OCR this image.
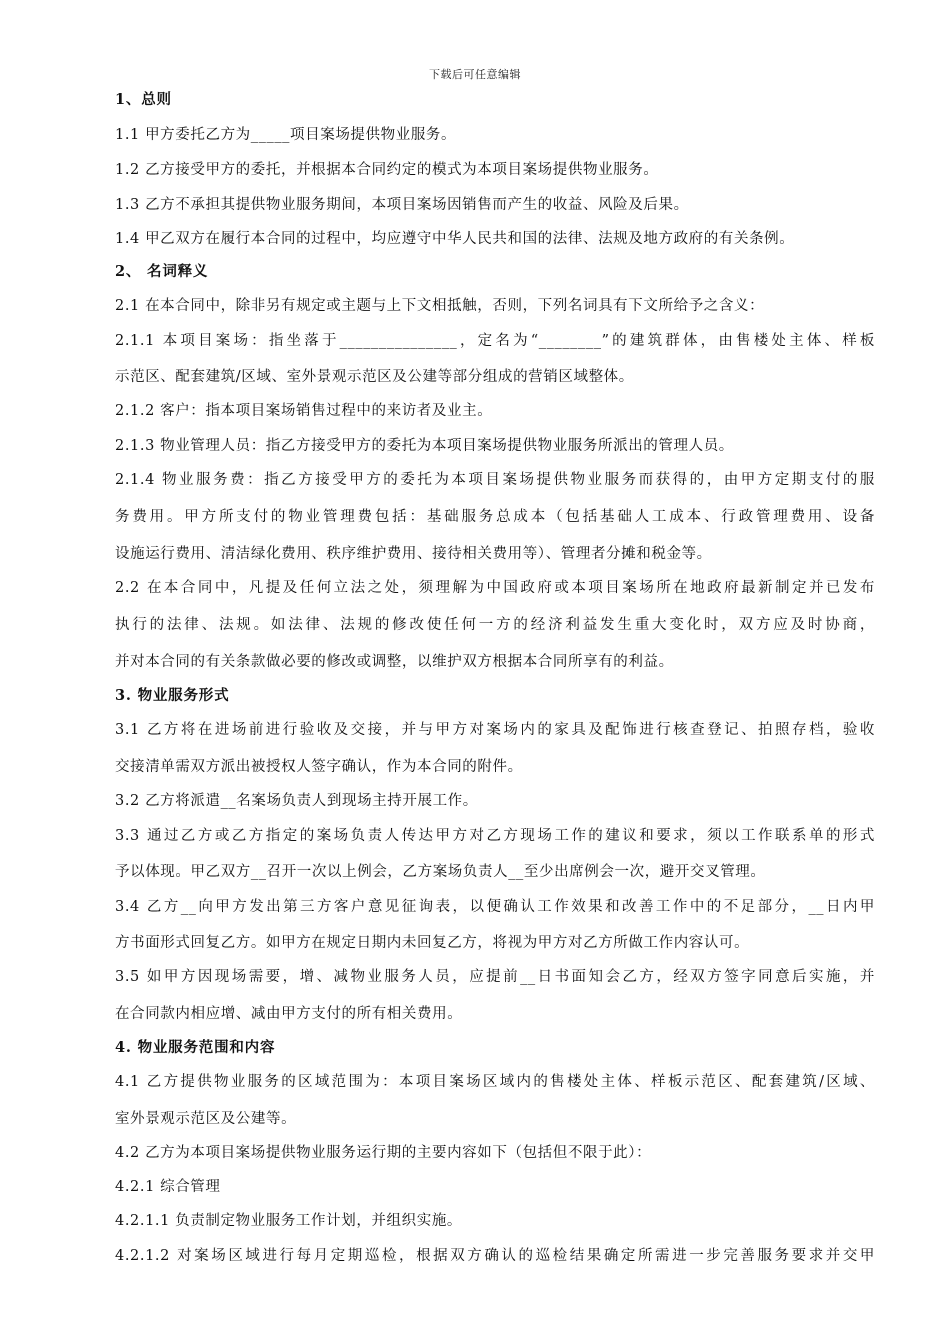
下载后可任意编辑
1、总则
1.1 甲方委托乙方为_____项目案场提供物业服务。
1.2 乙方接受甲方的委托，并根据本合同约定的模式为本项目案场提供物业服务。
1.3 乙方不承担其提供物业服务期间，本项目案场因销售而产生的收益、风险及后果。
1.4 甲乙双方在履行本合同的过程中，均应遵守中华人民共和国的法律、法规及地方政府的有关条例。
2、 名词释义
2.1 在本合同中，除非另有规定或主题与上下文相抵触，否则，下列名词具有下文所给予之含义：
2.1.1 本项目案场：指坐落于_______________，定名为“________”的建筑群体，由售楼处主体、样板
示范区、配套建筑/区域、室外景观示范区及公建等部分组成的营销区域整体。
2.1.2 客户：指本项目案场销售过程中的来访者及业主。
2.1.3 物业管理人员：指乙方接受甲方的委托为本项目案场提供物业服务所派出的管理人员。
2.1.4 物业服务费：指乙方接受甲方的委托为本项目案场提供物业服务而获得的，由甲方定期支付的服
务费用。甲方所支付的物业管理费包括：基础服务总成本（包括基础人工成本、行政管理费用、设备
设施运行费用、清洁绿化费用、秩序维护费用、接待相关费用等）、管理者分摊和税金等。
2.2 在本合同中，凡提及任何立法之处，须理解为中国政府或本项目案场所在地政府最新制定并已发布
执行的法律、法规。如法律、法规的修改使任何一方的经济利益发生重大变化时，双方应及时协商，
并对本合同的有关条款做必要的修改或调整，以维护双方根据本合同所享有的利益。
3. 物业服务形式
3.1 乙方将在进场前进行验收及交接，并与甲方对案场内的家具及配饰进行核查登记、拍照存档，验收
交接清单需双方派出被授权人签字确认，作为本合同的附件。
3.2 乙方将派遣__名案场负责人到现场主持开展工作。
3.3 通过乙方或乙方指定的案场负责人传达甲方对乙方现场工作的建议和要求，须以工作联系单的形式
予以体现。甲乙双方__召开一次以上例会，乙方案场负责人__至少出席例会一次，避开交叉管理。
3.4 乙方__向甲方发出第三方客户意见征询表，以便确认工作效果和改善工作中的不足部分，__日内甲
方书面形式回复乙方。如甲方在规定日期内未回复乙方，将视为甲方对乙方所做工作内容认可。
3.5 如甲方因现场需要，增、减物业服务人员，应提前__日书面知会乙方，经双方签字同意后实施，并
在合同款内相应增、减由甲方支付的所有相关费用。
4. 物业服务范围和内容
4.1 乙方提供物业服务的区域范围为：本项目案场区域内的售楼处主体、样板示范区、配套建筑/区域、
室外景观示范区及公建等。
4.2 乙方为本项目案场提供物业服务运行期的主要内容如下（包括但不限于此）：
4.2.1 综合管理
4.2.1.1 负责制定物业服务工作计划，并组织实施。
4.2.1.2 对案场区域进行每月定期巡检，根据双方确认的巡检结果确定所需进一步完善服务要求并交甲
